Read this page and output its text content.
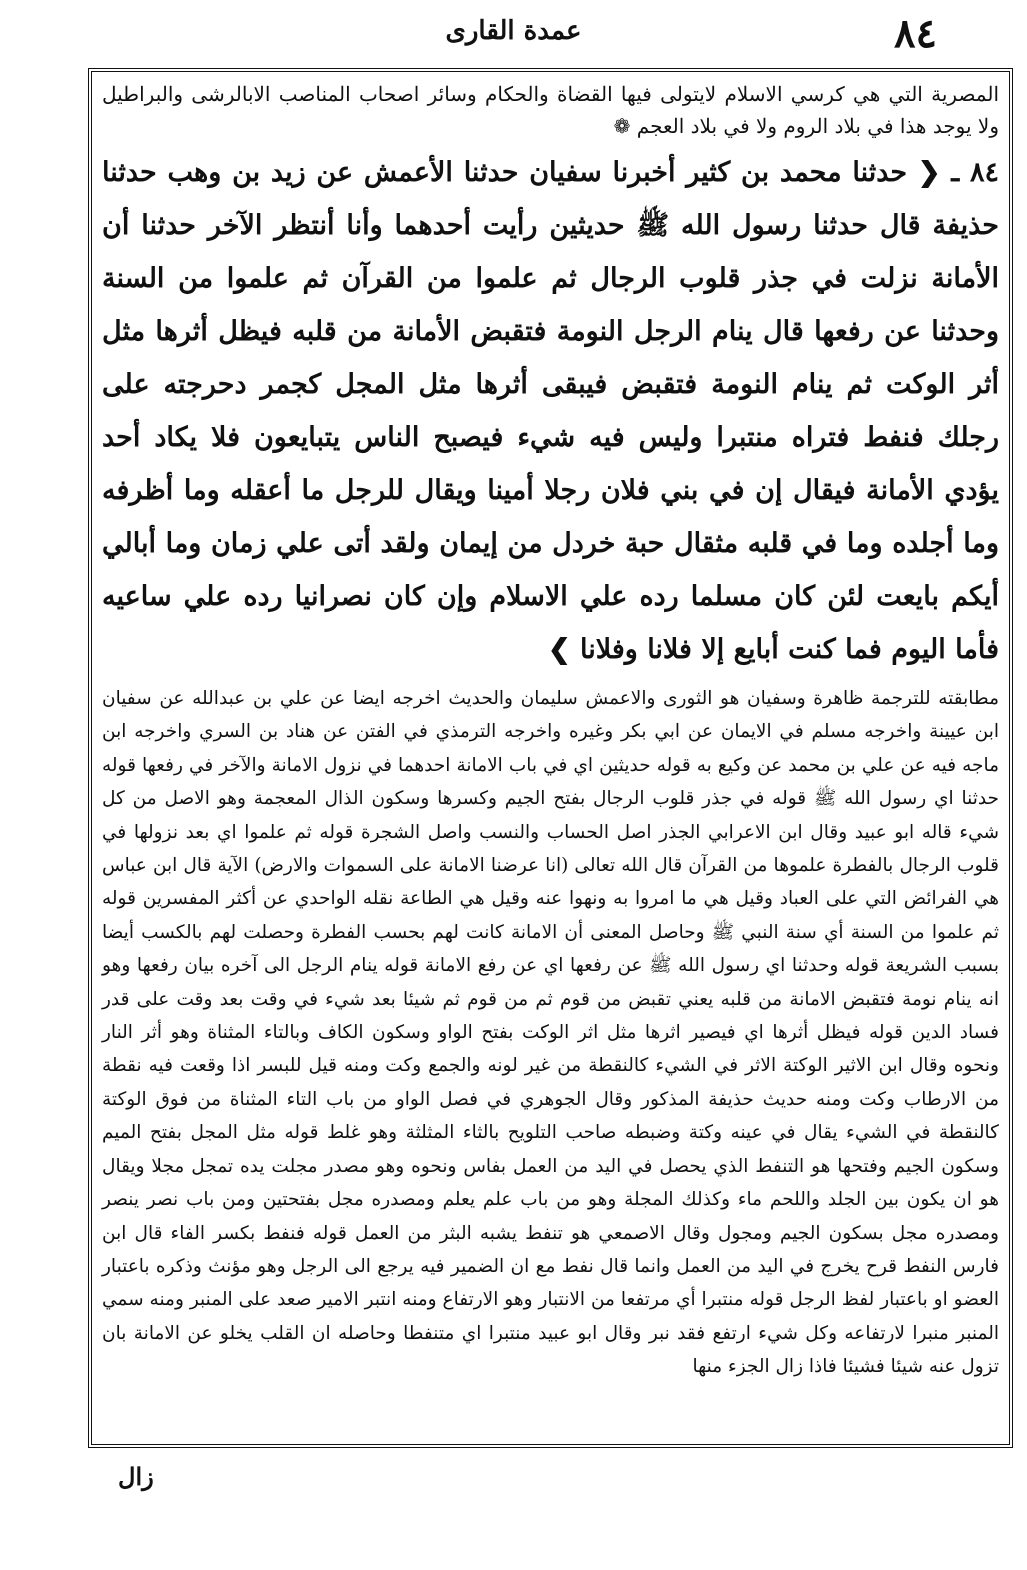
عمدة القارى	٨٤

المصرية التي هي كرسي الاسلام لايتولى فيها القضاة والحكام وسائر اصحاب المناصب الابالرشى والبراطيل ولا يوجد هذا في بلاد الروم ولا في بلاد العجم ❁

٨٤ ـ ❮ حدثنا محمد بن كثير أخبرنا سفيان حدثنا الأعمش عن زيد بن وهب حدثنا حذيفة قال حدثنا رسول الله ﷺ حديثين رأيت أحدهما وأنا أنتظر الآخر حدثنا أن الأمانة نزلت في جذر قلوب الرجال ثم علموا من القرآن ثم علموا من السنة وحدثنا عن رفعها قال ينام الرجل النومة فتقبض الأمانة من قلبه فيظل أثرها مثل أثر الوكت ثم ينام النومة فتقبض فيبقى أثرها مثل المجل كجمر دحرجته على رجلك فنفط فتراه منتبرا وليس فيه شيء فيصبح الناس يتبايعون فلا يكاد أحد يؤدي الأمانة فيقال إن في بني فلان رجلا أمينا ويقال للرجل ما أعقله وما أظرفه وما أجلده وما في قلبه مثقال حبة خردل من إيمان ولقد أتى علي زمان وما أبالي أيكم بايعت لئن كان مسلما رده علي الاسلام وإن كان نصرانيا رده علي ساعيه فأما اليوم فما كنت أبايع إلا فلانا وفلانا ❯

مطابقته للترجمة ظاهرة وسفيان هو الثورى والاعمش سليمان والحديث اخرجه ايضا عن علي بن عبدالله عن سفيان ابن عيينة واخرجه مسلم في الايمان عن ابي بكر وغيره واخرجه الترمذي في الفتن عن هناد بن السري واخرجه ابن ماجه فيه عن علي بن محمد عن وكيع به قوله حديثين اي في باب الامانة احدهما في نزول الامانة والآخر في رفعها قوله حدثنا اي رسول الله ﷺ قوله في جذر قلوب الرجال بفتح الجيم وكسرها وسكون الذال المعجمة وهو الاصل من كل شيء قاله ابو عبيد وقال ابن الاعرابي الجذر اصل الحساب والنسب واصل الشجرة قوله ثم علموا اي بعد نزولها في قلوب الرجال بالفطرة علموها من القرآن قال الله تعالى (انا عرضنا الامانة على السموات والارض) الآية قال ابن عباس هي الفرائض التي على العباد وقيل هي ما امروا به ونهوا عنه وقيل هي الطاعة نقله الواحدي عن أكثر المفسرين قوله ثم علموا من السنة أي سنة النبي ﷺ وحاصل المعنى أن الامانة كانت لهم بحسب الفطرة وحصلت لهم بالكسب أيضا بسبب الشريعة قوله وحدثنا اي رسول الله ﷺ عن رفعها اي عن رفع الامانة قوله ينام الرجل الى آخره بيان رفعها وهو انه ينام نومة فتقبض الامانة من قلبه يعني تقبض من قوم ثم من قوم ثم شيئا بعد شيء في وقت بعد وقت على قدر فساد الدين قوله فيظل أثرها اي فيصير اثرها مثل اثر الوكت بفتح الواو وسكون الكاف وبالتاء المثناة وهو أثر النار ونحوه وقال ابن الاثير الوكتة الاثر في الشيء كالنقطة من غير لونه والجمع وكت ومنه قيل للبسر اذا وقعت فيه نقطة من الارطاب وكت ومنه حديث حذيفة المذكور وقال الجوهري في فصل الواو من باب التاء المثناة من فوق الوكتة كالنقطة في الشيء يقال في عينه وكتة وضبطه صاحب التلويح بالثاء المثلثة وهو غلط قوله مثل المجل بفتح الميم وسكون الجيم وفتحها هو التنفط الذي يحصل في اليد من العمل بفاس ونحوه وهو مصدر مجلت يده تمجل مجلا ويقال هو ان يكون بين الجلد واللحم ماء وكذلك المجلة وهو من باب علم يعلم ومصدره مجل بفتحتين ومن باب نصر ينصر ومصدره مجل بسكون الجيم ومجول وقال الاصمعي هو تنفط يشبه البثر من العمل قوله فنفط بكسر الفاء قال ابن فارس النفط قرح يخرج في اليد من العمل وانما قال نفط مع ان الضمير فيه يرجع الى الرجل وهو مؤنث وذكره باعتبار العضو او باعتبار لفظ الرجل قوله منتبرا أي مرتفعا من الانتبار وهو الارتفاع ومنه انتبر الامير صعد على المنبر ومنه سمي المنبر منبرا لارتفاعه وكل شيء ارتفع فقد نبر وقال ابو عبيد منتبرا اي متنفطا وحاصله ان القلب يخلو عن الامانة بان تزول عنه شيئا فشيئا فاذا زال الجزء منها

زال
